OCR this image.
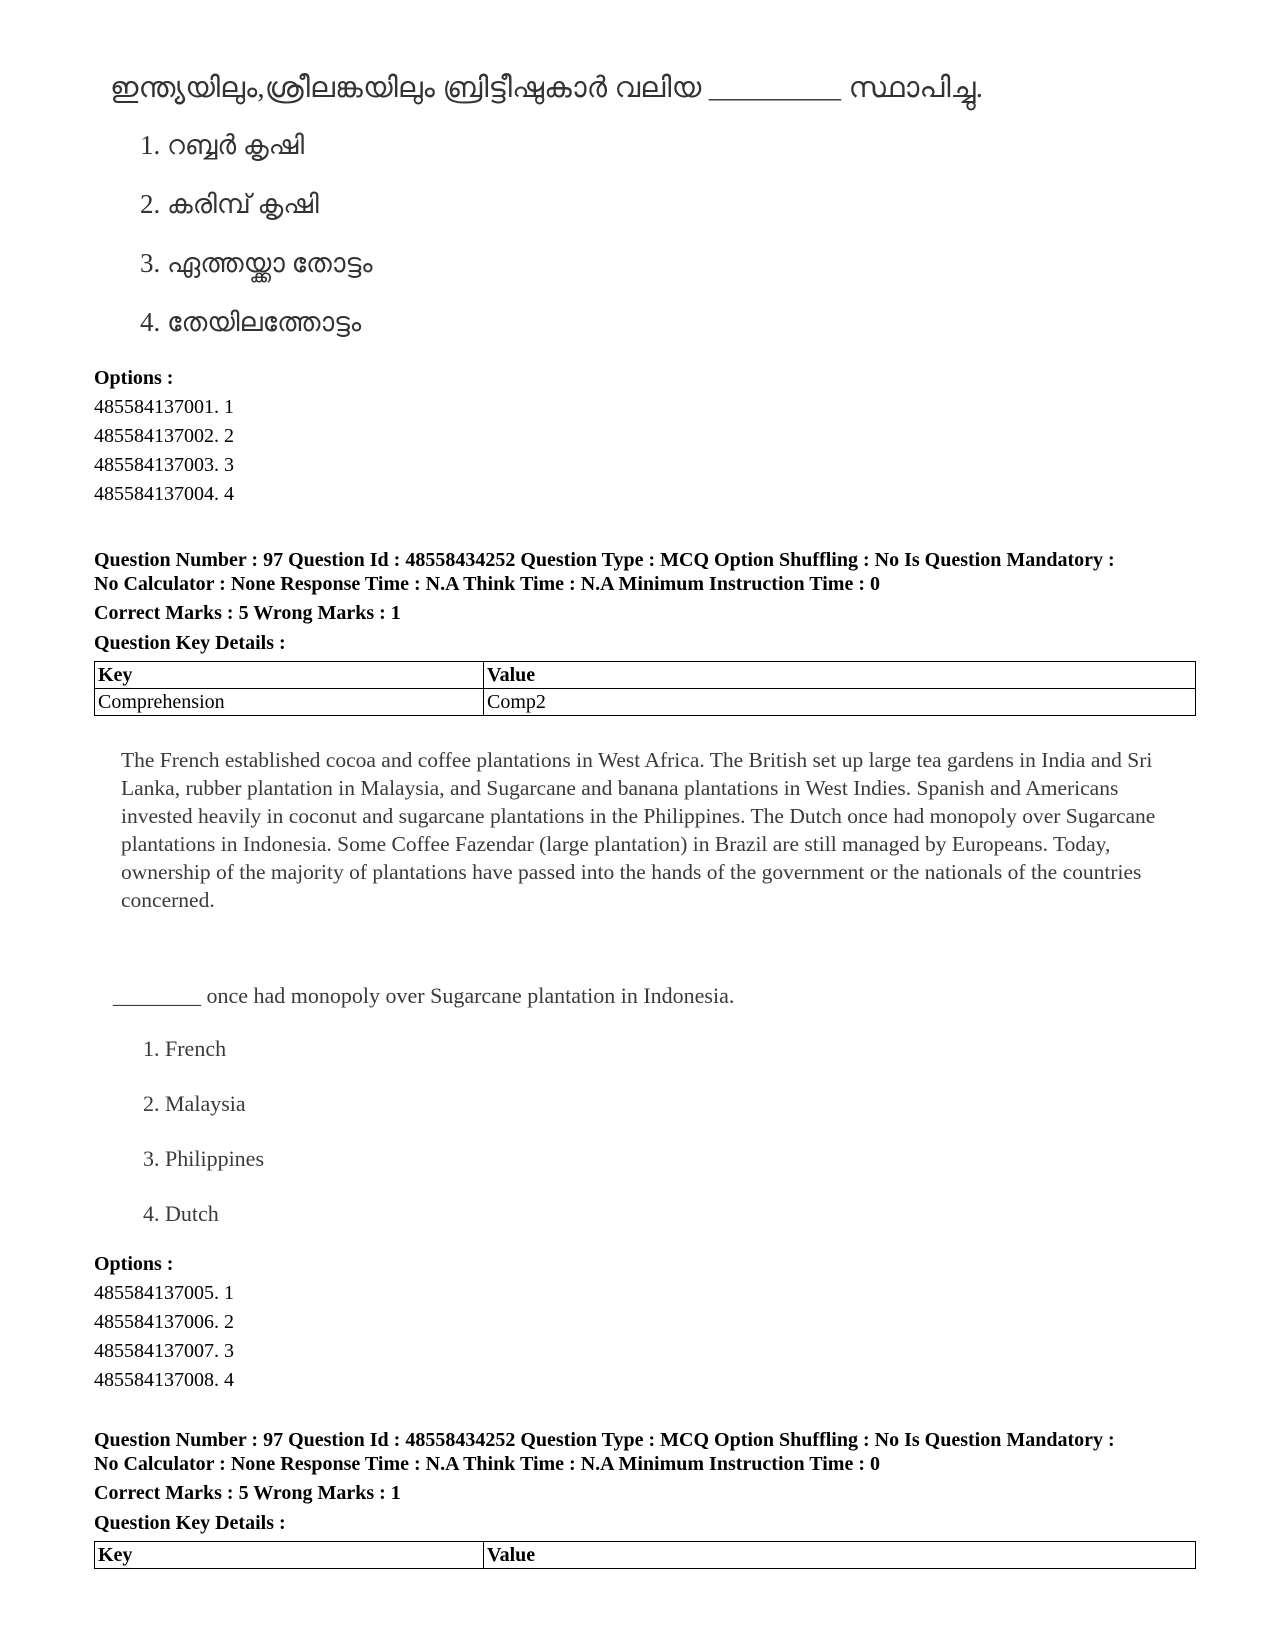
ഇന്ത്യയിലും,ശ്രീലങ്കയിലും ബ്രിട്ടീഷുകാർ വലിയ _________ സ്ഥാപിച്ചു.
1. റബ്ബർ കൃഷി
2. കരിമ്പ് കൃഷി
3. ഏത്തയ്ക്കാ തോട്ടം
4. തേയിലത്തോട്ടം
Options :
485584137001. 1
485584137002. 2
485584137003. 3
485584137004. 4
Question Number : 97 Question Id : 48558434252 Question Type : MCQ Option Shuffling : No Is Question Mandatory :
No Calculator : None Response Time : N.A Think Time : N.A Minimum Instruction Time : 0
Correct Marks : 5 Wrong Marks : 1
Question Key Details :
Key	Value
Comprehension	Comp2
The French established cocoa and coffee plantations in West Africa. The British set up large tea gardens in India and Sri Lanka, rubber plantation in Malaysia, and Sugarcane and banana plantations in West Indies. Spanish and Americans invested heavily in coconut and sugarcane plantations in the Philippines. The Dutch once had monopoly over Sugarcane plantations in Indonesia. Some Coffee Fazendar (large plantation) in Brazil are still managed by Europeans. Today, ownership of the majority of plantations have passed into the hands of the government or the nationals of the countries concerned.
________ once had monopoly over Sugarcane plantation in Indonesia.
1. French
2. Malaysia
3. Philippines
4. Dutch
Options :
485584137005. 1
485584137006. 2
485584137007. 3
485584137008. 4
Question Number : 97 Question Id : 48558434252 Question Type : MCQ Option Shuffling : No Is Question Mandatory :
No Calculator : None Response Time : N.A Think Time : N.A Minimum Instruction Time : 0
Correct Marks : 5 Wrong Marks : 1
Question Key Details :
Key	Value
